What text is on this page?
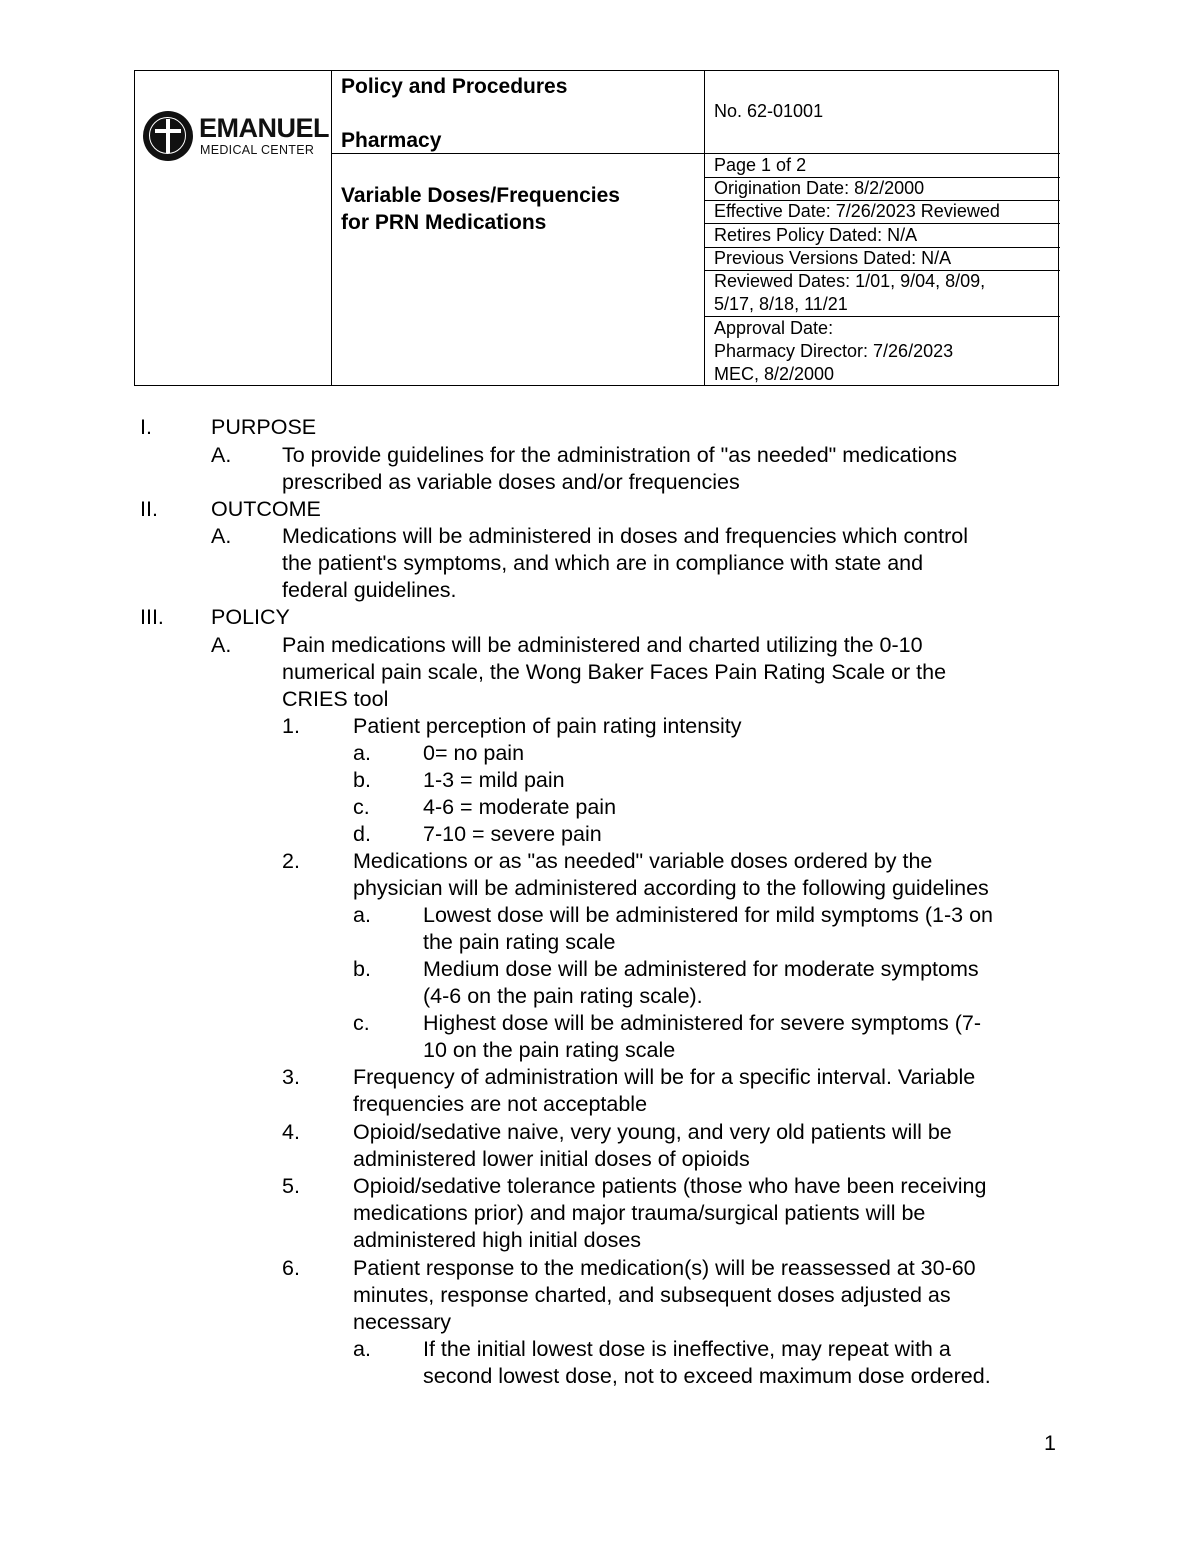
EMANUEL
MEDICAL CENTER
Policy and Procedures
Pharmacy
No. 62-01001
Variable Doses/Frequencies
for PRN Medications
Page 1 of 2
Origination Date: 8/2/2000
Effective Date: 7/26/2023 Reviewed
Retires Policy Dated: N/A
Previous Versions Dated: N/A
Reviewed Dates: 1/01, 9/04, 8/09,
5/17, 8/18, 11/21
Approval Date:
Pharmacy Director: 7/26/2023
MEC, 8/2/2000
I.	PURPOSE
A. To provide guidelines for the administration of "as needed" medications
prescribed as variable doses and/or frequencies
II. OUTCOME
A. Medications will be administered in doses and frequencies which control
the patient's symptoms, and which are in compliance with state and
federal guidelines.
III. POLICY
A. Pain medications will be administered and charted utilizing the 0-10
numerical pain scale, the Wong Baker Faces Pain Rating Scale or the
CRIES tool
1. Patient perception of pain rating intensity
a. 0= no pain
b. 1-3 = mild pain
c. 4-6 = moderate pain
d. 7-10 = severe pain
2. Medications or as "as needed" variable doses ordered by the
physician will be administered according to the following guidelines
a. Lowest dose will be administered for mild symptoms (1-3 on
the pain rating scale
b. Medium dose will be administered for moderate symptoms
(4-6 on the pain rating scale).
c. Highest dose will be administered for severe symptoms (7-
10 on the pain rating scale
3. Frequency of administration will be for a specific interval. Variable
frequencies are not acceptable
4. Opioid/sedative naive, very young, and very old patients will be
administered lower initial doses of opioids
5. Opioid/sedative tolerance patients (those who have been receiving
medications prior) and major trauma/surgical patients will be
administered high initial doses
6. Patient response to the medication(s) will be reassessed at 30-60
minutes, response charted, and subsequent doses adjusted as
necessary
a. If the initial lowest dose is ineffective, may repeat with a
second lowest dose, not to exceed maximum dose ordered.
1
